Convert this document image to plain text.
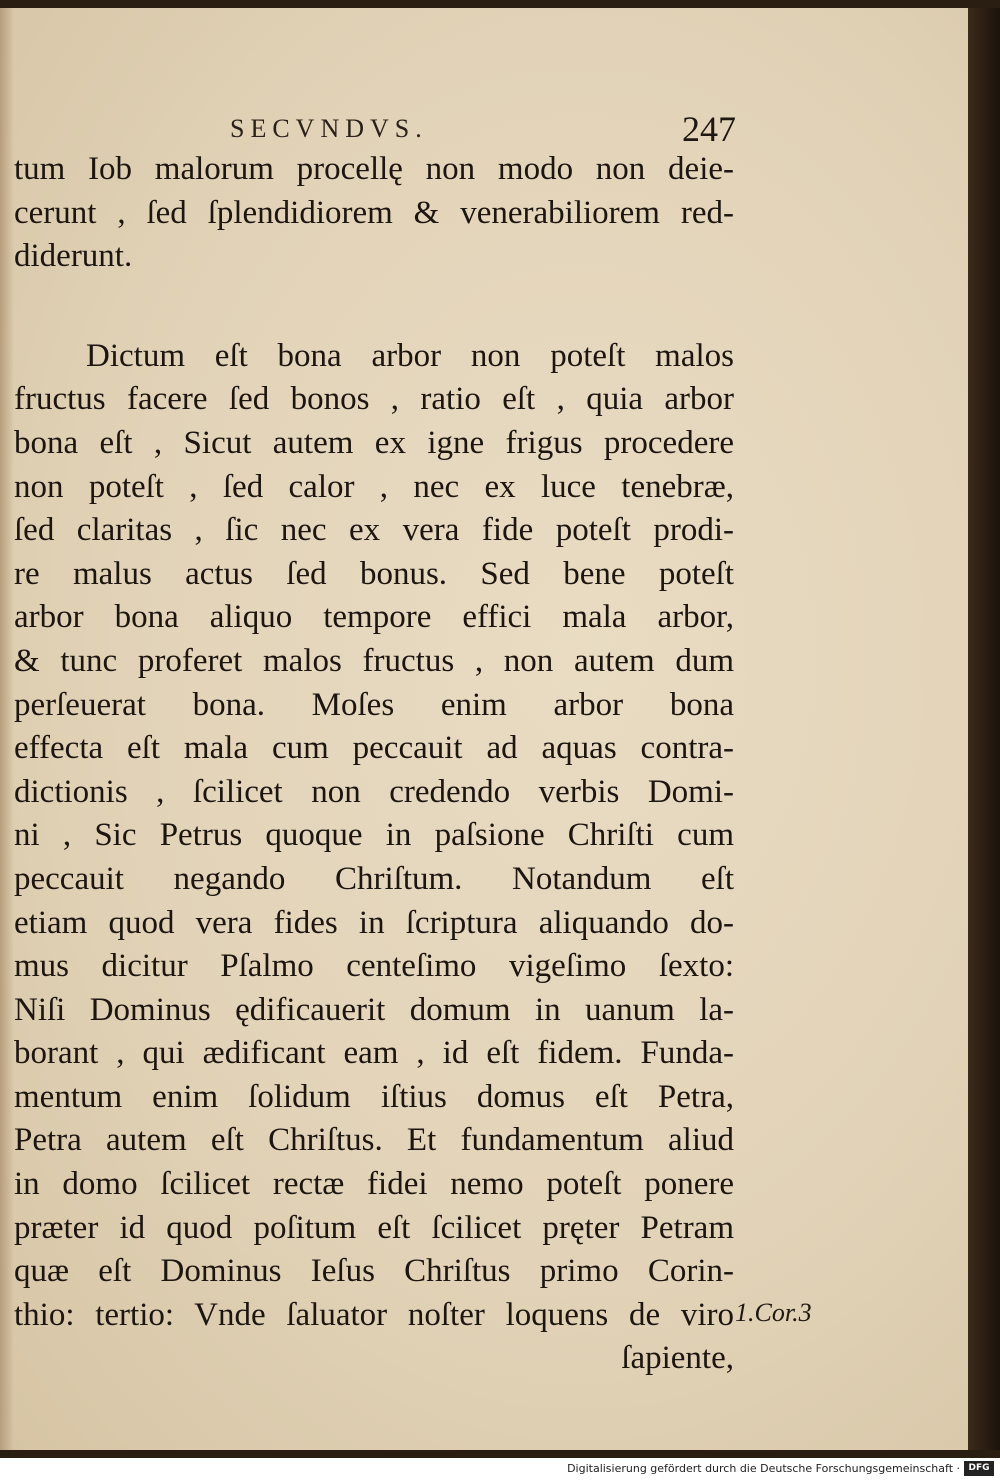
SECVNDVS.	247
tum Iob malorum procellę non modo non deie-
cerunt , ſed ſplendidiorem & venerabiliorem red-
diderunt.
Dictum eſt bona arbor non poteſt malos
fructus facere ſed bonos , ratio eſt , quia arbor
bona eſt , Sicut autem ex igne frigus procedere
non poteſt , ſed calor , nec ex luce tenebræ,
ſed claritas , ſic nec ex vera fide poteſt prodi-
re malus actus ſed bonus. Sed bene poteſt
arbor bona aliquo tempore effici mala arbor,
& tunc proferet malos fructus , non autem dum
perſeuerat bona. Moſes enim arbor bona
effecta eſt mala cum peccauit ad aquas contra-
dictionis , ſcilicet non credendo verbis Domi-
ni , Sic Petrus quoque in paſsione Chriſti cum
peccauit negando Chriſtum. Notandum eſt
etiam quod vera fides in ſcriptura aliquando do-
mus dicitur Pſalmo centeſimo vigeſimo ſexto:
Niſi Dominus ędificauerit domum in uanum la-
borant , qui ædificant eam , id eſt fidem. Funda-
mentum enim ſolidum iſtius domus eſt Petra,
Petra autem eſt Chriſtus. Et fundamentum aliud
in domo ſcilicet rectæ fidei nemo poteſt ponere
præter id quod poſitum eſt ſcilicet pręter Petram
quæ eſt Dominus Ieſus Chriſtus primo Corin-
thio: tertio: Vnde ſaluator noſter loquens de viro
ſapiente,
1.Cor.3
Digitalisierung gefördert durch die Deutsche Forschungsgemeinschaft · DFG
